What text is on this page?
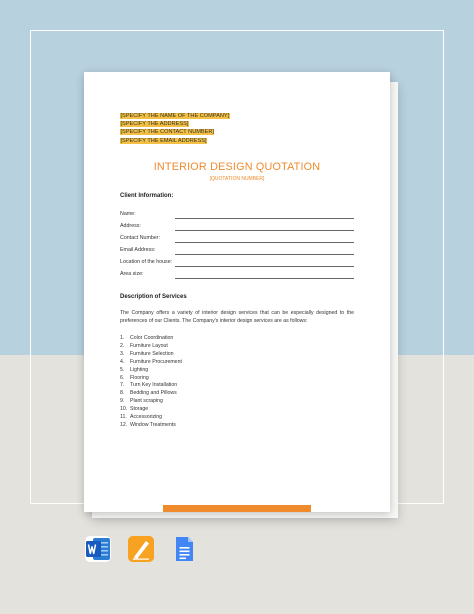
[SPECIFY THE NAME OF THE COMPANY]
[SPECIFY THE ADDRESS]
[SPECIFY THE CONTACT NUMBER]
[SPECIFY THE EMAIL ADDRESS]
INTERIOR DESIGN QUOTATION
[QUOTATION NUMBER]
Client Information:
Name:
Address:
Contact Number:
Email Address:
Location of the house:
Area size:
Description of Services
The Company offers a variety of interior design services that can be especially designed to the preferences of our Clients. The Company's interior design services are as follows:
1. Color Coordination
2. Furniture Layout
3. Furniture Selection
4. Furniture Procurement
5. Lighting
6. Flooring
7. Turn Key Installation
8. Bedding and Pillows
9. Plant scraping
10. Storage
11. Accessorizing
12. Window Treatments
